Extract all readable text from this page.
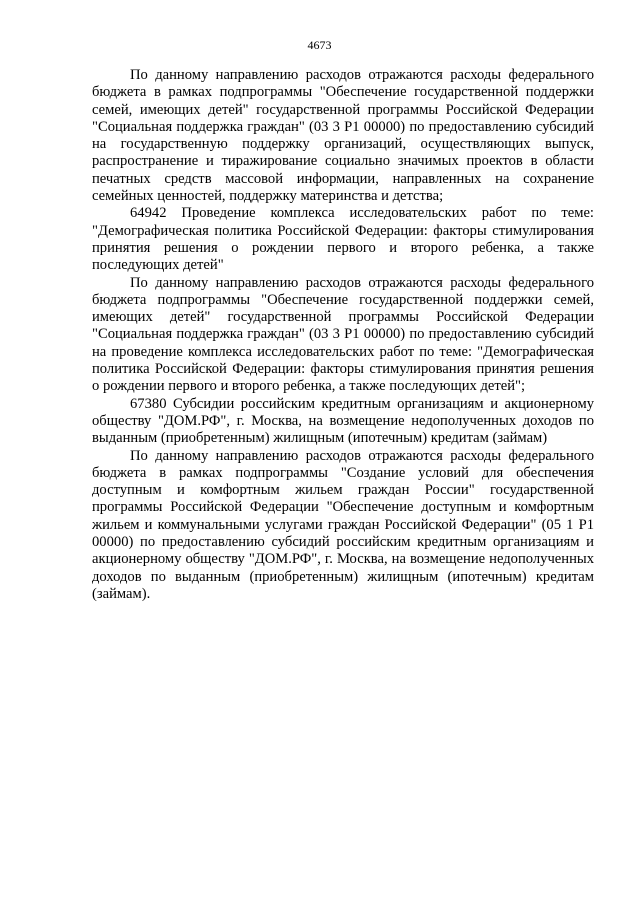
4673

По данному направлению расходов отражаются расходы федерального бюджета в рамках подпрограммы "Обеспечение государственной поддержки семей, имеющих детей" государственной программы Российской Федерации "Социальная поддержка граждан" (03 3 Р1 00000) по предоставлению субсидий на государственную поддержку организаций, осуществляющих выпуск, распространение и тиражирование социально значимых проектов в области печатных средств массовой информации, направленных на сохранение семейных ценностей, поддержку материнства и детства;

64942 Проведение комплекса исследовательских работ по теме: "Демографическая политика Российской Федерации: факторы стимулирования принятия решения о рождении первого и второго ребенка, а также последующих детей"

По данному направлению расходов отражаются расходы федерального бюджета подпрограммы "Обеспечение государственной поддержки семей, имеющих детей" государственной программы Российской Федерации "Социальная поддержка граждан" (03 3 Р1 00000) по предоставлению субсидий на проведение комплекса исследовательских работ по теме: "Демографическая политика Российской Федерации: факторы стимулирования принятия решения о рождении первого и второго ребенка, а также последующих детей";

67380 Субсидии российским кредитным организациям и акционерному обществу "ДОМ.РФ", г. Москва, на возмещение недополученных доходов по выданным (приобретенным) жилищным (ипотечным) кредитам (займам)

По данному направлению расходов отражаются расходы федерального бюджета в рамках подпрограммы "Создание условий для обеспечения доступным и комфортным жильем граждан России" государственной программы Российской Федерации "Обеспечение доступным и комфортным жильем и коммунальными услугами граждан Российской Федерации" (05 1 Р1 00000) по предоставлению субсидий российским кредитным организациям и акционерному обществу "ДОМ.РФ", г. Москва, на возмещение недополученных доходов по выданным (приобретенным) жилищным (ипотечным) кредитам (займам).
